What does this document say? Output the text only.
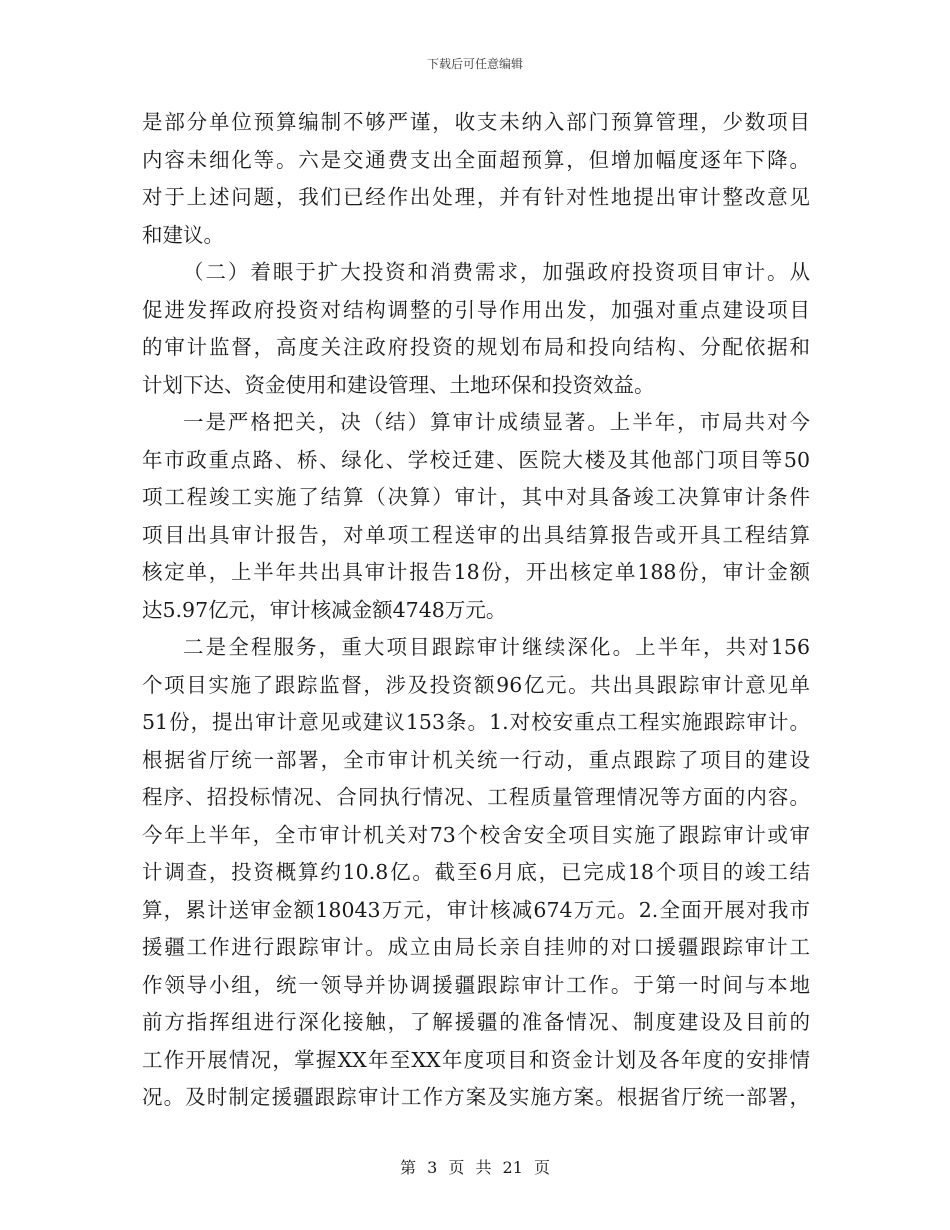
下载后可任意编辑
是部分单位预算编制不够严谨，收支未纳入部门预算管理，少数项目
内容未细化等。六是交通费支出全面超预算，但增加幅度逐年下降。
对于上述问题，我们已经作出处理，并有针对性地提出审计整改意见
和建议。
（二）着眼于扩大投资和消费需求，加强政府投资项目审计。从
促进发挥政府投资对结构调整的引导作用出发，加强对重点建设项目
的审计监督，高度关注政府投资的规划布局和投向结构、分配依据和
计划下达、资金使用和建设管理、土地环保和投资效益。
一是严格把关，决（结）算审计成绩显著。上半年，市局共对今
年市政重点路、桥、绿化、学校迁建、医院大楼及其他部门项目等50
项工程竣工实施了结算（决算）审计，其中对具备竣工决算审计条件
项目出具审计报告，对单项工程送审的出具结算报告或开具工程结算
核定单，上半年共出具审计报告18份，开出核定单188份，审计金额
达5.97亿元，审计核减金额4748万元。
二是全程服务，重大项目跟踪审计继续深化。上半年，共对156
个项目实施了跟踪监督，涉及投资额96亿元。共出具跟踪审计意见单
51份，提出审计意见或建议153条。1.对校安重点工程实施跟踪审计。
根据省厅统一部署，全市审计机关统一行动，重点跟踪了项目的建设
程序、招投标情况、合同执行情况、工程质量管理情况等方面的内容。
今年上半年，全市审计机关对73个校舍安全项目实施了跟踪审计或审
计调查，投资概算约10.8亿。截至6月底，已完成18个项目的竣工结
算，累计送审金额18043万元，审计核减674万元。2.全面开展对我市
援疆工作进行跟踪审计。成立由局长亲自挂帅的对口援疆跟踪审计工
作领导小组，统一领导并协调援疆跟踪审计工作。于第一时间与本地
前方指挥组进行深化接触，了解援疆的准备情况、制度建设及目前的
工作开展情况，掌握XX年至XX年度项目和资金计划及各年度的安排情
况。及时制定援疆跟踪审计工作方案及实施方案。根据省厅统一部署，
第 3 页 共 21 页
